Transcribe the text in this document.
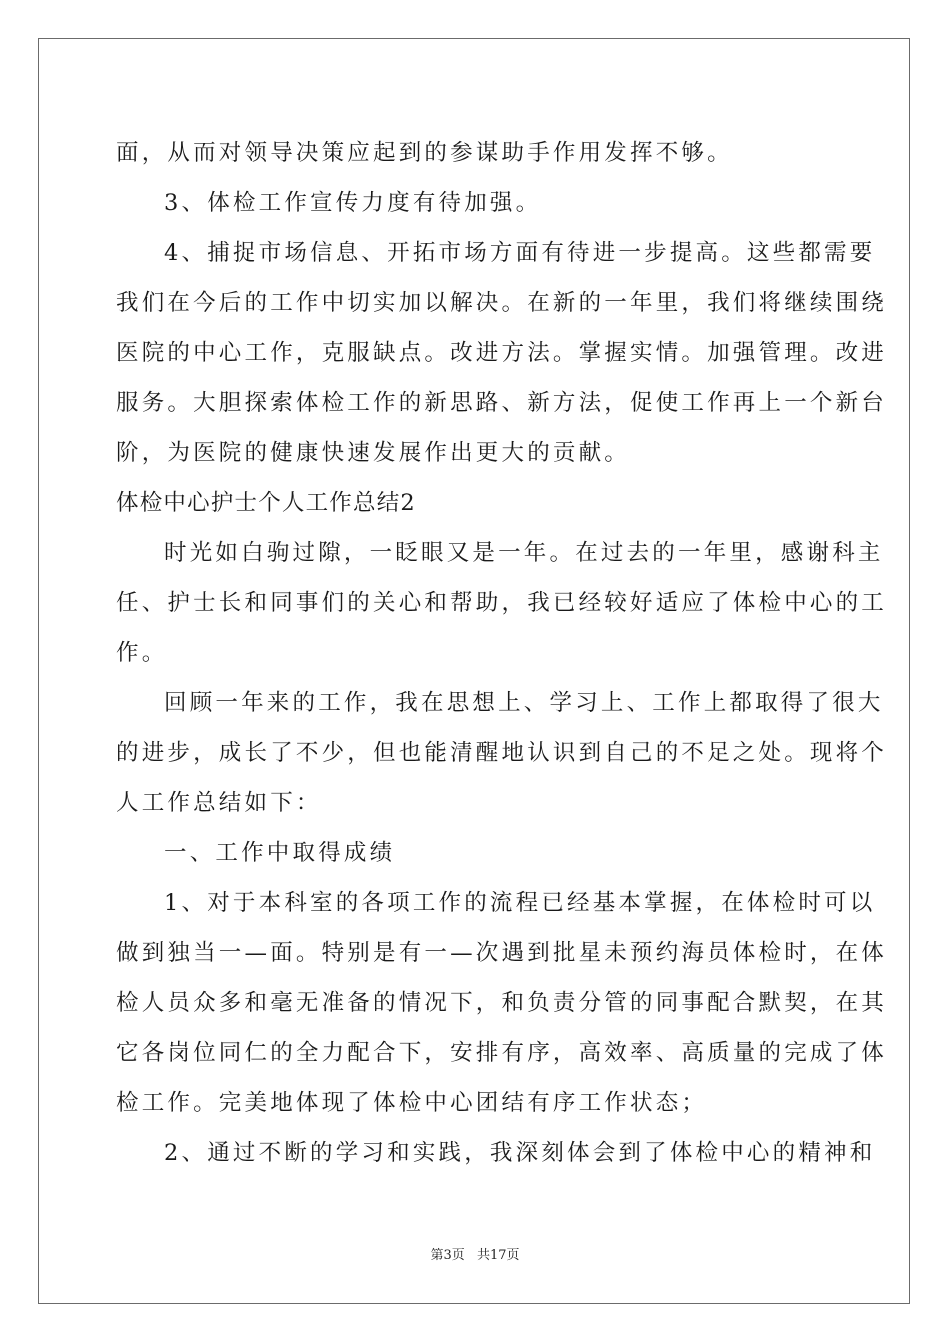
面，从而对领导决策应起到的参谋助手作用发挥不够。
3、体检工作宣传力度有待加强。
4、捕捉市场信息、开拓市场方面有待进一步提高。这些都需要
我们在今后的工作中切实加以解决。在新的一年里，我们将继续围绕
医院的中心工作，克服缺点。改进方法。掌握实情。加强管理。改进
服务。大胆探索体检工作的新思路、新方法，促使工作再上一个新台
阶，为医院的健康快速发展作出更大的贡献。
体检中心护士个人工作总结2
时光如白驹过隙，一眨眼又是一年。在过去的一年里，感谢科主
任、护士长和同事们的关心和帮助，我已经较好适应了体检中心的工
作。
回顾一年来的工作，我在思想上、学习上、工作上都取得了很大
的进步，成长了不少，但也能清醒地认识到自己的不足之处。现将个
人工作总结如下：
一、工作中取得成绩
1、对于本科室的各项工作的流程已经基本掌握，在体检时可以
做到独当一—面。特别是有一—次遇到批星未预约海员体检时，在体
检人员众多和毫无准备的情况下，和负责分管的同事配合默契，在其
它各岗位同仁的全力配合下，安排有序，高效率、高质量的完成了体
检工作。完美地体现了体检中心团结有序工作状态；
2、通过不断的学习和实践，我深刻体会到了体检中心的精神和
第3页 共17页
